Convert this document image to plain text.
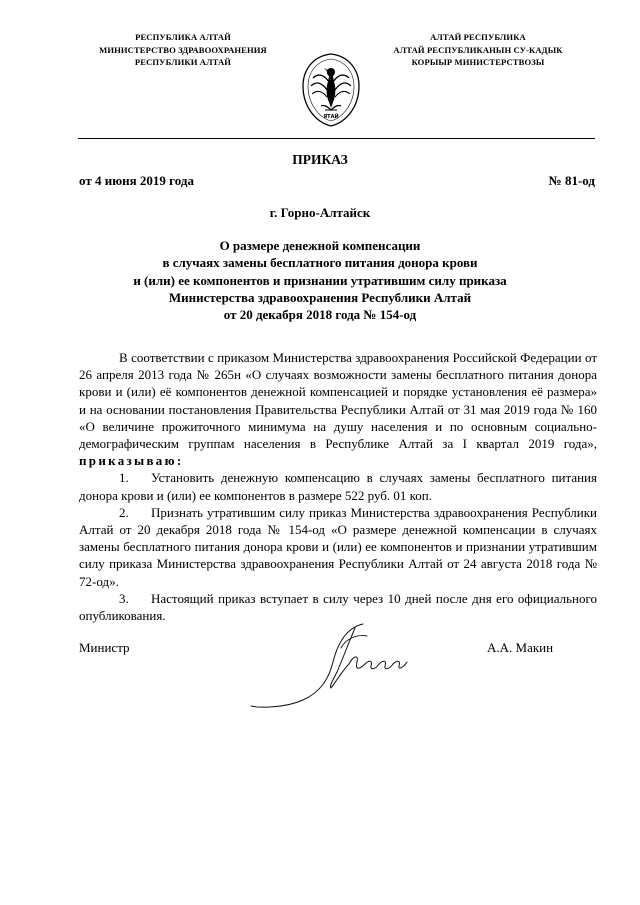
РЕСПУБЛИКА АЛТАЙ
МИНИСТЕРСТВО ЗДРАВООХРАНЕНИЯ
РЕСПУБЛИКИ АЛТАЙ
ЯТАЙ
АЛТАЙ РЕСПУБЛИКА
АЛТАЙ РЕСПУБЛИКАНЫН СУ-КАДЫК
КОРЫЫР МИНИСТЕРСТВОЗЫ
ПРИКАЗ
от 4 июня 2019 года	№ 81-од
г. Горно-Алтайск
О размере денежной компенсации
в случаях замены бесплатного питания донора крови
и (или) ее компонентов и признании утратившим силу приказа
Министерства здравоохранения Республики Алтай
от 20 декабря 2018 года № 154-од

В соответствии с приказом Министерства здравоохранения Российской Федерации от 26 апреля 2013 года № 265н «О случаях возможности замены бесплатного питания донора крови и (или) её компонентов денежной компенсацией и порядке установления её размера» и на основании постановления Правительства Республики Алтай от 31 мая 2019 года № 160 «О величине прожиточного минимума на душу населения и по основным социально-демографическим группам населения в Республике Алтай за I квартал 2019 года», приказываю:

1. Установить денежную компенсацию в случаях замены бесплатного питания донора крови и (или) ее компонентов в размере 522 руб. 01 коп.

2. Признать утратившим силу приказ Министерства здравоохранения Республики Алтай от 20 декабря 2018 года № 154-од «О размере денежной компенсации в случаях замены бесплатного питания донора крови и (или) ее компонентов и признании утратившим силу приказа Министерства здравоохранения Республики Алтай от 24 августа 2018 года № 72-од».

3. Настоящий приказ вступает в силу через 10 дней после дня его официального опубликования.

Министр	А.А. Макин
